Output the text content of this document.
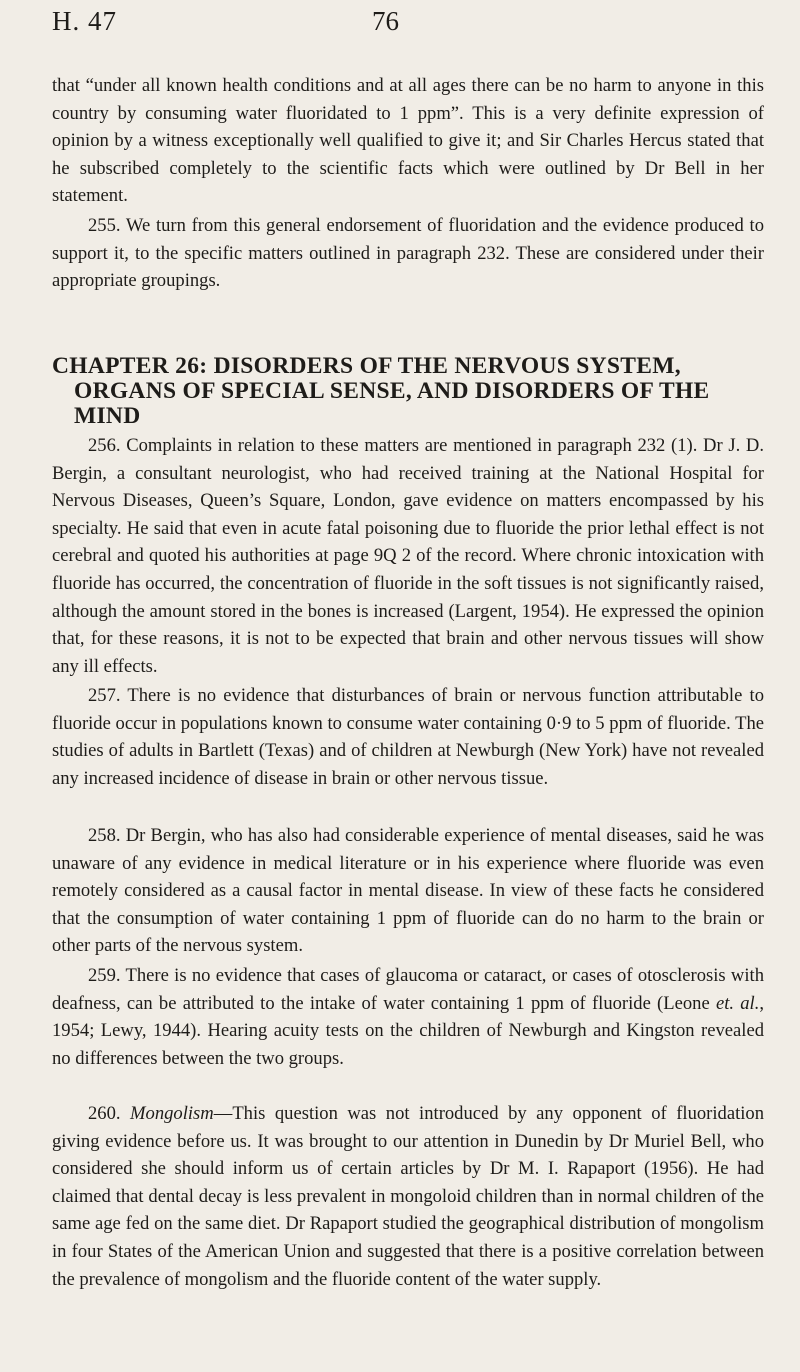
H. 47	76

that “under all known health conditions and at all ages there can be no harm to anyone in this country by consuming water fluoridated to 1 ppm”. This is a very definite expression of opinion by a witness exceptionally well qualified to give it; and Sir Charles Hercus stated that he subscribed completely to the scientific facts which were outlined by Dr Bell in her statement.

255. We turn from this general endorsement of fluoridation and the evidence produced to support it, to the specific matters outlined in paragraph 232. These are considered under their appropriate groupings.

CHAPTER 26: DISORDERS OF THE NERVOUS SYSTEM,
ORGANS OF SPECIAL SENSE, AND DISORDERS OF THE
MIND

256. Complaints in relation to these matters are mentioned in paragraph 232 (1). Dr J. D. Bergin, a consultant neurologist, who had received training at the National Hospital for Nervous Diseases, Queen’s Square, London, gave evidence on matters encompassed by his specialty. He said that even in acute fatal poisoning due to fluoride the prior lethal effect is not cerebral and quoted his authorities at page 9Q 2 of the record. Where chronic intoxication with fluoride has occurred, the concentration of fluoride in the soft tissues is not significantly raised, although the amount stored in the bones is increased (Largent, 1954). He expressed the opinion that, for these reasons, it is not to be expected that brain and other nervous tissues will show any ill effects.

257. There is no evidence that disturbances of brain or nervous function attributable to fluoride occur in populations known to consume water containing 0·9 to 5 ppm of fluoride. The studies of adults in Bartlett (Texas) and of children at Newburgh (New York) have not revealed any increased incidence of disease in brain or other nervous tissue.

258. Dr Bergin, who has also had considerable experience of mental diseases, said he was unaware of any evidence in medical literature or in his experience where fluoride was even remotely considered as a causal factor in mental disease. In view of these facts he considered that the consumption of water containing 1 ppm of fluoride can do no harm to the brain or other parts of the nervous system.

259. There is no evidence that cases of glaucoma or cataract, or cases of otosclerosis with deafness, can be attributed to the intake of water containing 1 ppm of fluoride (Leone et. al., 1954; Lewy, 1944). Hearing acuity tests on the children of Newburgh and Kingston revealed no differences between the two groups.

260. Mongolism—This question was not introduced by any opponent of fluoridation giving evidence before us. It was brought to our attention in Dunedin by Dr Muriel Bell, who considered she should inform us of certain articles by Dr M. I. Rapaport (1956). He had claimed that dental decay is less prevalent in mongoloid children than in normal children of the same age fed on the same diet. Dr Rapaport studied the geographical distribution of mongolism in four States of the American Union and suggested that there is a positive correlation between the prevalence of mongolism and the fluoride content of the water supply.
